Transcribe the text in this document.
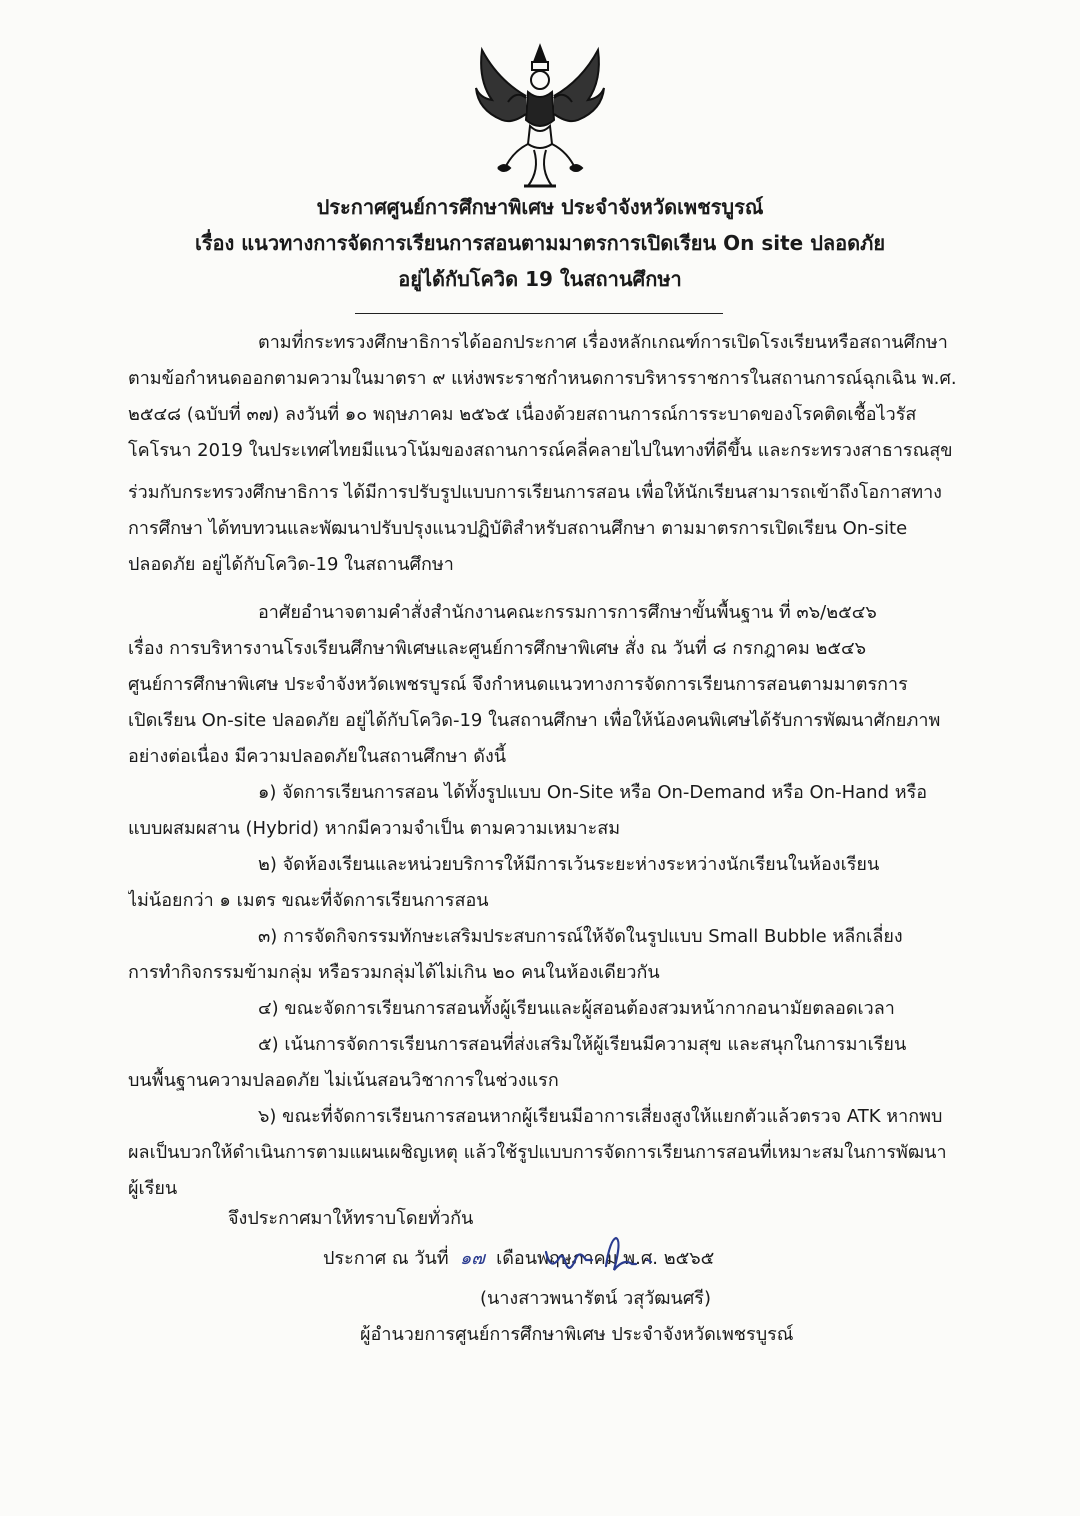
ประกาศศูนย์การศึกษาพิเศษ ประจำจังหวัดเพชรบูรณ์
เรื่อง แนวทางการจัดการเรียนการสอนตามมาตรการเปิดเรียน On site ปลอดภัย
อยู่ได้กับโควิด 19 ในสถานศึกษา
ตามที่กระทรวงศึกษาธิการได้ออกประกาศ เรื่องหลักเกณฑ์การเปิดโรงเรียนหรือสถานศึกษา
ตามข้อกำหนดออกตามความในมาตรา ๙ แห่งพระราชกำหนดการบริหารราชการในสถานการณ์ฉุกเฉิน พ.ศ.
๒๕๔๘ (ฉบับที่ ๓๗) ลงวันที่ ๑๐ พฤษภาคม ๒๕๖๕ เนื่องด้วยสถานการณ์การระบาดของโรคติดเชื้อไวรัส
โคโรนา 2019 ในประเทศไทยมีแนวโน้มของสถานการณ์คลี่คลายไปในทางที่ดีขึ้น และกระทรวงสาธารณสุข
ร่วมกับกระทรวงศึกษาธิการ ได้มีการปรับรูปแบบการเรียนการสอน เพื่อให้นักเรียนสามารถเข้าถึงโอกาสทาง
การศึกษา ได้ทบทวนและพัฒนาปรับปรุงแนวปฏิบัติสำหรับสถานศึกษา ตามมาตรการเปิดเรียน On-site
ปลอดภัย อยู่ได้กับโควิด-19 ในสถานศึกษา
อาศัยอำนาจตามคำสั่งสำนักงานคณะกรรมการการศึกษาขั้นพื้นฐาน ที่ ๓๖/๒๕๔๖
เรื่อง การบริหารงานโรงเรียนศึกษาพิเศษและศูนย์การศึกษาพิเศษ สั่ง ณ วันที่ ๘ กรกฎาคม ๒๕๔๖
ศูนย์การศึกษาพิเศษ ประจำจังหวัดเพชรบูรณ์ จึงกำหนดแนวทางการจัดการเรียนการสอนตามมาตรการ
เปิดเรียน On-site ปลอดภัย อยู่ได้กับโควิด-19 ในสถานศึกษา เพื่อให้น้องคนพิเศษได้รับการพัฒนาศักยภาพ
อย่างต่อเนื่อง มีความปลอดภัยในสถานศึกษา ดังนี้
๑) จัดการเรียนการสอน ได้ทั้งรูปแบบ On-Site หรือ On-Demand หรือ On-Hand หรือ
แบบผสมผสาน (Hybrid) หากมีความจำเป็น ตามความเหมาะสม
๒) จัดห้องเรียนและหน่วยบริการให้มีการเว้นระยะห่างระหว่างนักเรียนในห้องเรียน
ไม่น้อยกว่า ๑ เมตร ขณะที่จัดการเรียนการสอน
๓) การจัดกิจกรรมทักษะเสริมประสบการณ์ให้จัดในรูปแบบ Small Bubble หลีกเลี่ยง
การทำกิจกรรมข้ามกลุ่ม หรือรวมกลุ่มได้ไม่เกิน ๒๐ คนในห้องเดียวกัน
๔) ขณะจัดการเรียนการสอนทั้งผู้เรียนและผู้สอนต้องสวมหน้ากากอนามัยตลอดเวลา
๕) เน้นการจัดการเรียนการสอนที่ส่งเสริมให้ผู้เรียนมีความสุข และสนุกในการมาเรียน
บนพื้นฐานความปลอดภัย ไม่เน้นสอนวิชาการในช่วงแรก
๖) ขณะที่จัดการเรียนการสอนหากผู้เรียนมีอาการเสี่ยงสูงให้แยกตัวแล้วตรวจ ATK หากพบ
ผลเป็นบวกให้ดำเนินการตามแผนเผชิญเหตุ แล้วใช้รูปแบบการจัดการเรียนการสอนที่เหมาะสมในการพัฒนา
ผู้เรียน
จึงประกาศมาให้ทราบโดยทั่วกัน
ประกาศ ณ วันที่ ๑๗ เดือนพฤษภาคม พ.ศ. ๒๕๖๕
(นางสาวพนารัตน์ วสุวัฒนศรี)
ผู้อำนวยการศูนย์การศึกษาพิเศษ ประจำจังหวัดเพชรบูรณ์
